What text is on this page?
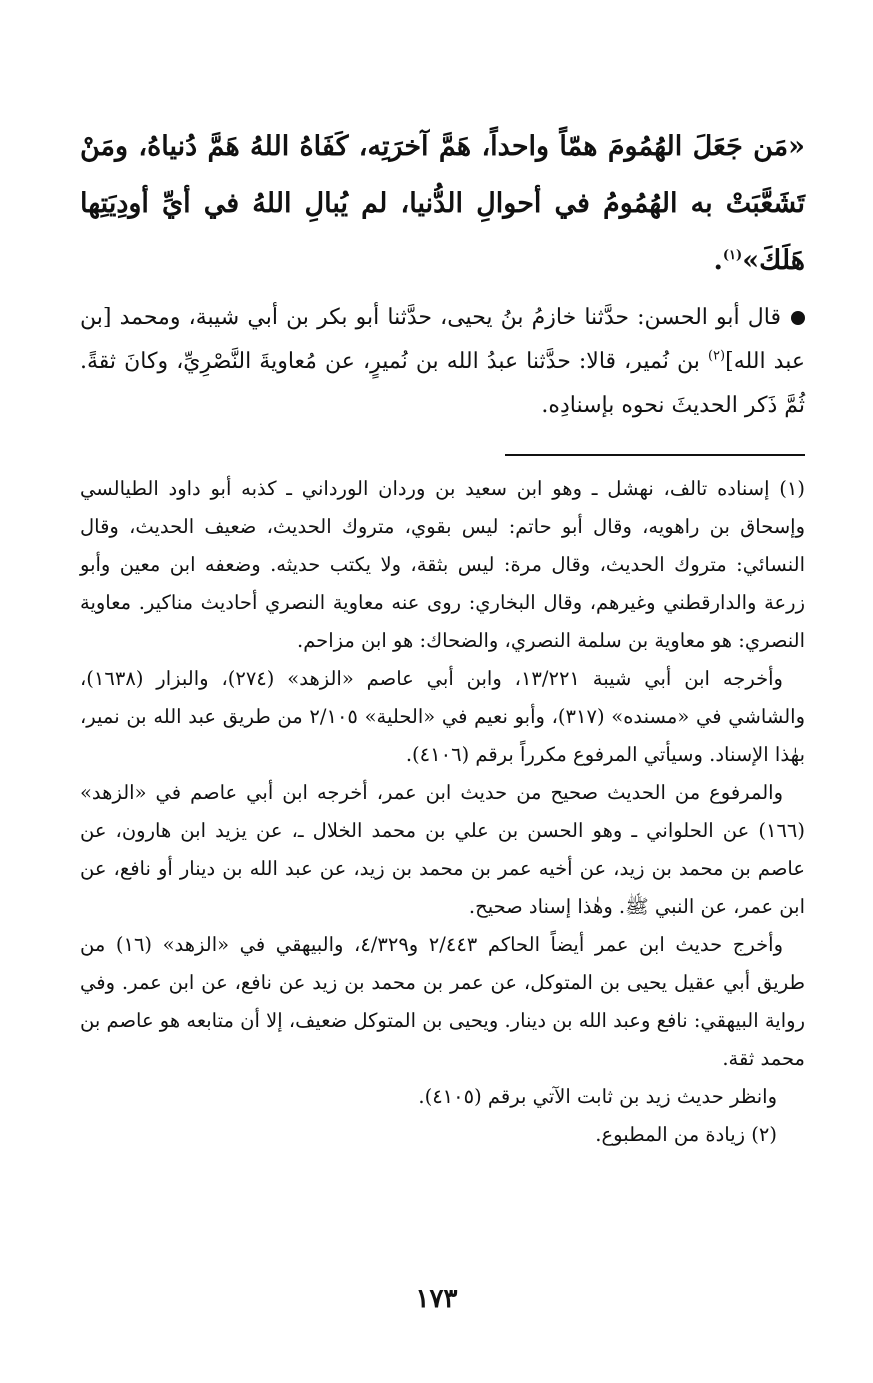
«مَن جَعَلَ الهُمُومَ همّاً واحداً، هَمَّ آخرَتِه، كَفَاهُ اللهُ هَمَّ دُنياهُ، ومَنْ تَشَعَّبَتْ به الهُمُومُ في أحوالِ الدُّنيا، لم يُبالِ اللهُ في أيِّ أودِيَتِها هَلَكَ»$^{(١)}$.
قال أبو الحسن: حدَّثنا خازمُ بنُ يحيى، حدَّثنا أبو بكر بن أبي شيبة، ومحمد [بن عبد الله]$^{(٢)}$ بن نُمير، قالا: حدَّثنا عبدُ الله بن نُميرٍ، عن مُعاويةَ النَّصْرِيِّ، وكانَ ثقةً. ثُمَّ ذَكر الحديثَ نحوه بإسنادِه.

(١) إسناده تالف، نهشل ـ وهو ابن سعيد بن وردان الورداني ـ كذبه أبو داود الطيالسي وإسحاق بن راهويه، وقال أبو حاتم: ليس بقوي، متروك الحديث، ضعيف الحديث، وقال النسائي: متروك الحديث، وقال مرة: ليس بثقة، ولا يكتب حديثه. وضعفه ابن معين وأبو زرعة والدارقطني وغيرهم، وقال البخاري: روى عنه معاوية النصري أحاديث مناكير. معاوية النصري: هو معاوية بن سلمة النصري، والضحاك: هو ابن مزاحم.

وأخرجه ابن أبي شيبة ١٣/٢٢١، وابن أبي عاصم «الزهد» (٢٧٤)، والبزار (١٦٣٨)، والشاشي في «مسنده» (٣١٧)، وأبو نعيم في «الحلية» ٢/١٠٥ من طريق عبد الله بن نمير، بهٰذا الإسناد. وسيأتي المرفوع مكرراً برقم (٤١٠٦).

والمرفوع من الحديث صحيح من حديث ابن عمر، أخرجه ابن أبي عاصم في «الزهد» (١٦٦) عن الحلواني ـ وهو الحسن بن علي بن محمد الخلال ـ، عن يزيد ابن هارون، عن عاصم بن محمد بن زيد، عن أخيه عمر بن محمد بن زيد، عن عبد الله بن دينار أو نافع، عن ابن عمر، عن النبي ﷺ. وهٰذا إسناد صحيح.

وأخرج حديث ابن عمر أيضاً الحاكم ٢/٤٤٣ و٤/٣٢٩، والبيهقي في «الزهد» (١٦) من طريق أبي عقيل يحيى بن المتوكل، عن عمر بن محمد بن زيد عن نافع، عن ابن عمر. وفي رواية البيهقي: نافع وعبد الله بن دينار. ويحيى بن المتوكل ضعيف، إلا أن متابعه هو عاصم بن محمد ثقة.

وانظر حديث زيد بن ثابت الآتي برقم (٤١٠٥).

(٢) زيادة من المطبوع.

١٧٣
